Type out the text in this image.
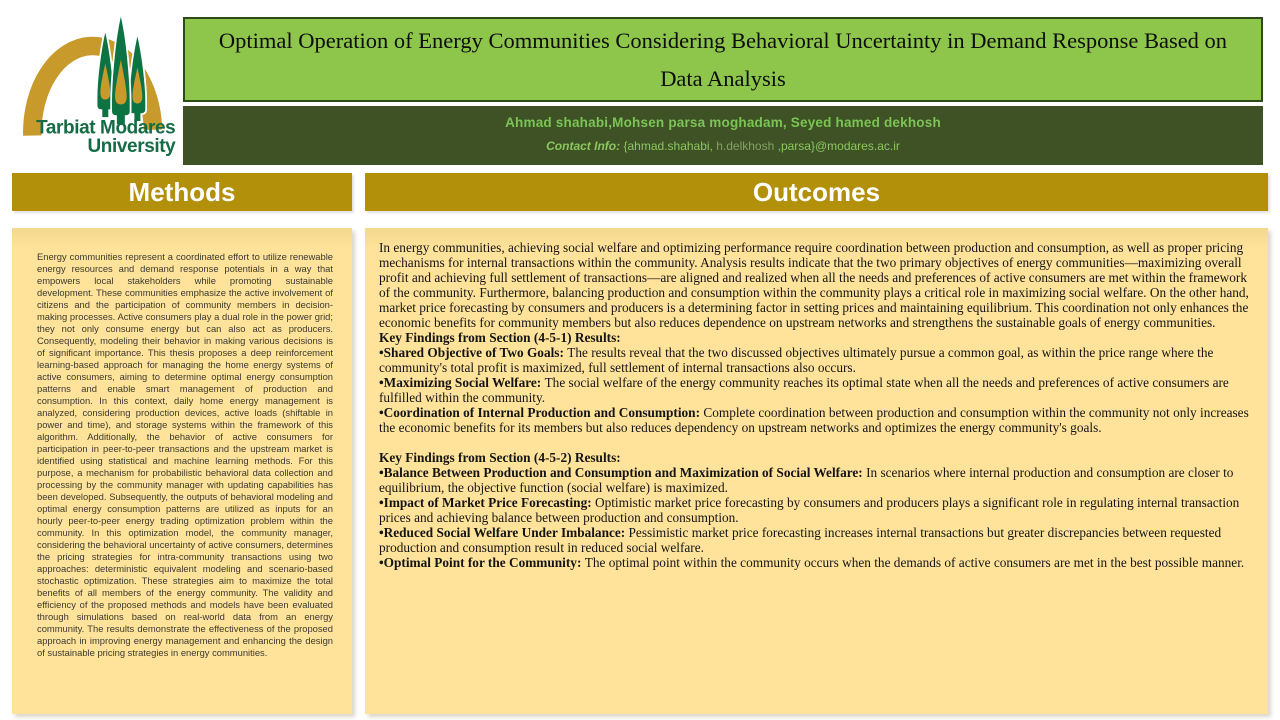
Tarbiat Modares
University
Optimal Operation of Energy Communities Considering Behavioral Uncertainty in Demand Response Based on Data Analysis
Ahmad shahabi,Mohsen parsa moghadam, Seyed hamed dekhosh
Contact Info: {ahmad.shahabi, h.delkhosh ,parsa}@modares.ac.ir
Methods	Outcomes
Energy communities represent a coordinated effort to utilize renewable energy resources and demand response potentials in a way that empowers local stakeholders while promoting sustainable development. These communities emphasize the active involvement of citizens and the participation of community members in decision-making processes. Active consumers play a dual role in the power grid; they not only consume energy but can also act as producers. Consequently, modeling their behavior in making various decisions is of significant importance. This thesis proposes a deep reinforcement learning-based approach for managing the home energy systems of active consumers, aiming to determine optimal energy consumption patterns and enable smart management of production and consumption. In this context, daily home energy management is analyzed, considering production devices, active loads (shiftable in power and time), and storage systems within the framework of this algorithm. Additionally, the behavior of active consumers for participation in peer-to-peer transactions and the upstream market is identified using statistical and machine learning methods. For this purpose, a mechanism for probabilistic behavioral data collection and processing by the community manager with updating capabilities has been developed. Subsequently, the outputs of behavioral modeling and optimal energy consumption patterns are utilized as inputs for an hourly peer-to-peer energy trading optimization problem within the community. In this optimization model, the community manager, considering the behavioral uncertainty of active consumers, determines the pricing strategies for intra-community transactions using two approaches: deterministic equivalent modeling and scenario-based stochastic optimization. These strategies aim to maximize the total benefits of all members of the energy community. The validity and efficiency of the proposed methods and models have been evaluated through simulations based on real-world data from an energy community. The results demonstrate the effectiveness of the proposed approach in improving energy management and enhancing the design of sustainable pricing strategies in energy communities.
In energy communities, achieving social welfare and optimizing performance require coordination between production and consumption, as well as proper pricing mechanisms for internal transactions within the community. Analysis results indicate that the two primary objectives of energy communities—maximizing overall profit and achieving full settlement of transactions—are aligned and realized when all the needs and preferences of active consumers are met within the framework of the community. Furthermore, balancing production and consumption within the community plays a critical role in maximizing social welfare. On the other hand, market price forecasting by consumers and producers is a determining factor in setting prices and maintaining equilibrium. This coordination not only enhances the economic benefits for community members but also reduces dependence on upstream networks and strengthens the sustainable goals of energy communities.
Key Findings from Section (4-5-1) Results:
•Shared Objective of Two Goals: The results reveal that the two discussed objectives ultimately pursue a common goal, as within the price range where the community's total profit is maximized, full settlement of internal transactions also occurs.
•Maximizing Social Welfare: The social welfare of the energy community reaches its optimal state when all the needs and preferences of active consumers are fulfilled within the community.
•Coordination of Internal Production and Consumption: Complete coordination between production and consumption within the community not only increases the economic benefits for its members but also reduces dependency on upstream networks and optimizes the energy community's goals.
Key Findings from Section (4-5-2) Results:
•Balance Between Production and Consumption and Maximization of Social Welfare: In scenarios where internal production and consumption are closer to equilibrium, the objective function (social welfare) is maximized.
•Impact of Market Price Forecasting: Optimistic market price forecasting by consumers and producers plays a significant role in regulating internal transaction prices and achieving balance between production and consumption.
•Reduced Social Welfare Under Imbalance: Pessimistic market price forecasting increases internal transactions but greater discrepancies between requested production and consumption result in reduced social welfare.
•Optimal Point for the Community: The optimal point within the community occurs when the demands of active consumers are met in the best possible manner.
